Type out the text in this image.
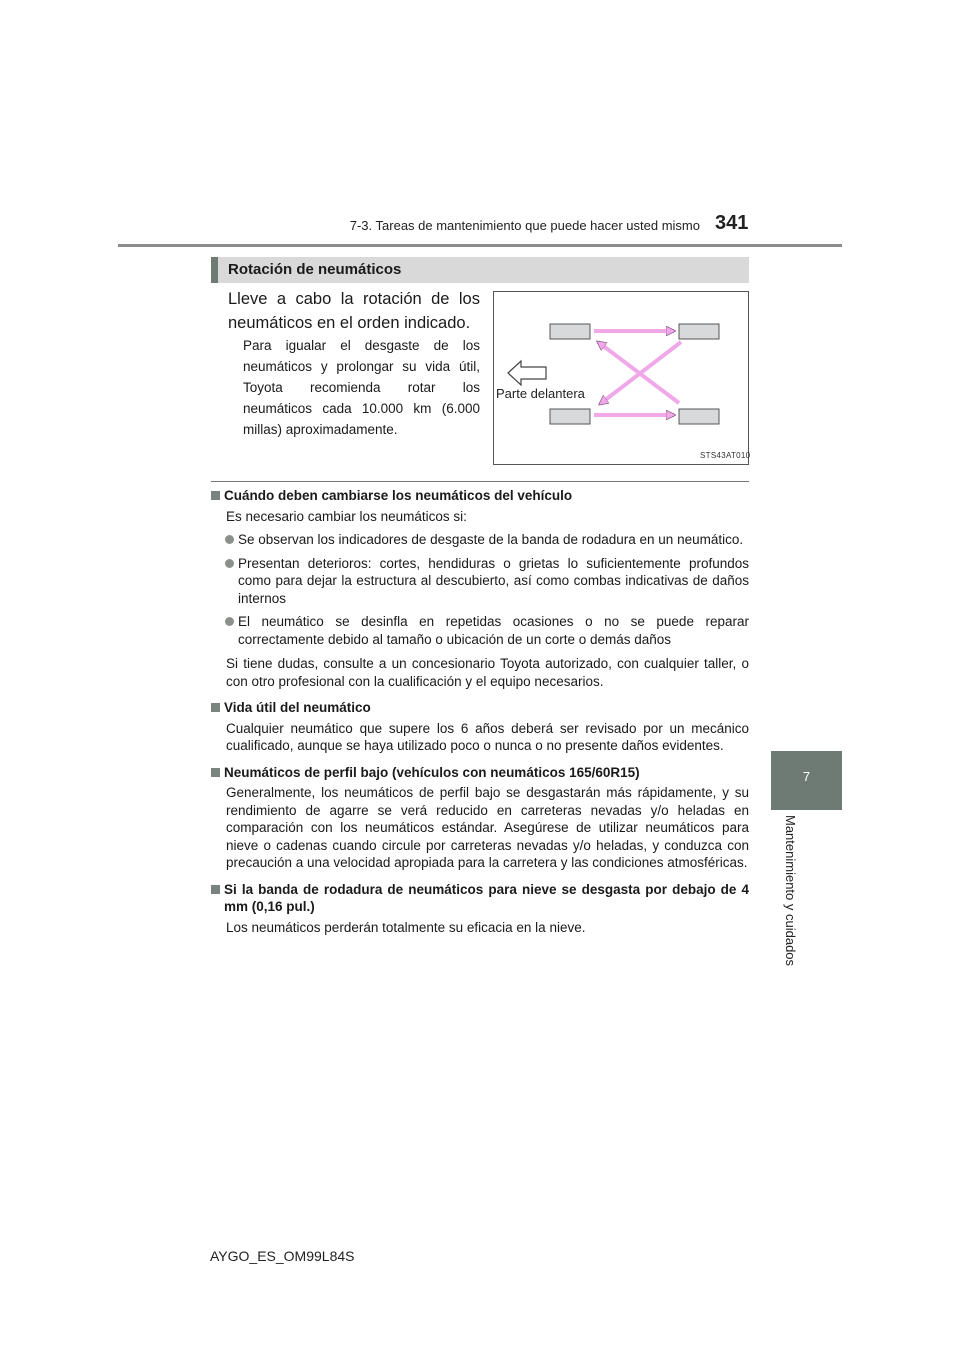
7-3. Tareas de mantenimiento que puede hacer usted mismo 341
7
Mantenimiento y cuidados
Rotación de neumáticos
Lleve a cabo la rotación de los neumáticos en el orden indicado.
Para igualar el desgaste de los neumáticos y prolongar su vida útil, Toyota recomienda rotar los neumáticos cada 10.000 km (6.000 millas) aproximadamente.
Parte delantera
STS43AT010
Cuándo deben cambiarse los neumáticos del vehículo
Es necesario cambiar los neumáticos si:
Se observan los indicadores de desgaste de la banda de rodadura en un neumático.
Presentan deterioros: cortes, hendiduras o grietas lo suficientemente profundos como para dejar la estructura al descubierto, así como combas indicativas de daños internos
El neumático se desinfla en repetidas ocasiones o no se puede reparar correctamente debido al tamaño o ubicación de un corte o demás daños
Si tiene dudas, consulte a un concesionario Toyota autorizado, con cualquier taller, o con otro profesional con la cualificación y el equipo necesarios.
Vida útil del neumático
Cualquier neumático que supere los 6 años deberá ser revisado por un mecánico cualificado, aunque se haya utilizado poco o nunca o no presente daños evidentes.
Neumáticos de perfil bajo (vehículos con neumáticos 165/60R15)
Generalmente, los neumáticos de perfil bajo se desgastarán más rápidamente, y su rendimiento de agarre se verá reducido en carreteras nevadas y/o heladas en comparación con los neumáticos estándar. Asegúrese de utilizar neumáticos para nieve o cadenas cuando circule por carreteras nevadas y/o heladas, y conduzca con precaución a una velocidad apropiada para la carretera y las condiciones atmosféricas.
Si la banda de rodadura de neumáticos para nieve se desgasta por debajo de 4 mm (0,16 pul.)
Los neumáticos perderán totalmente su eficacia en la nieve.
AYGO_ES_OM99L84S
